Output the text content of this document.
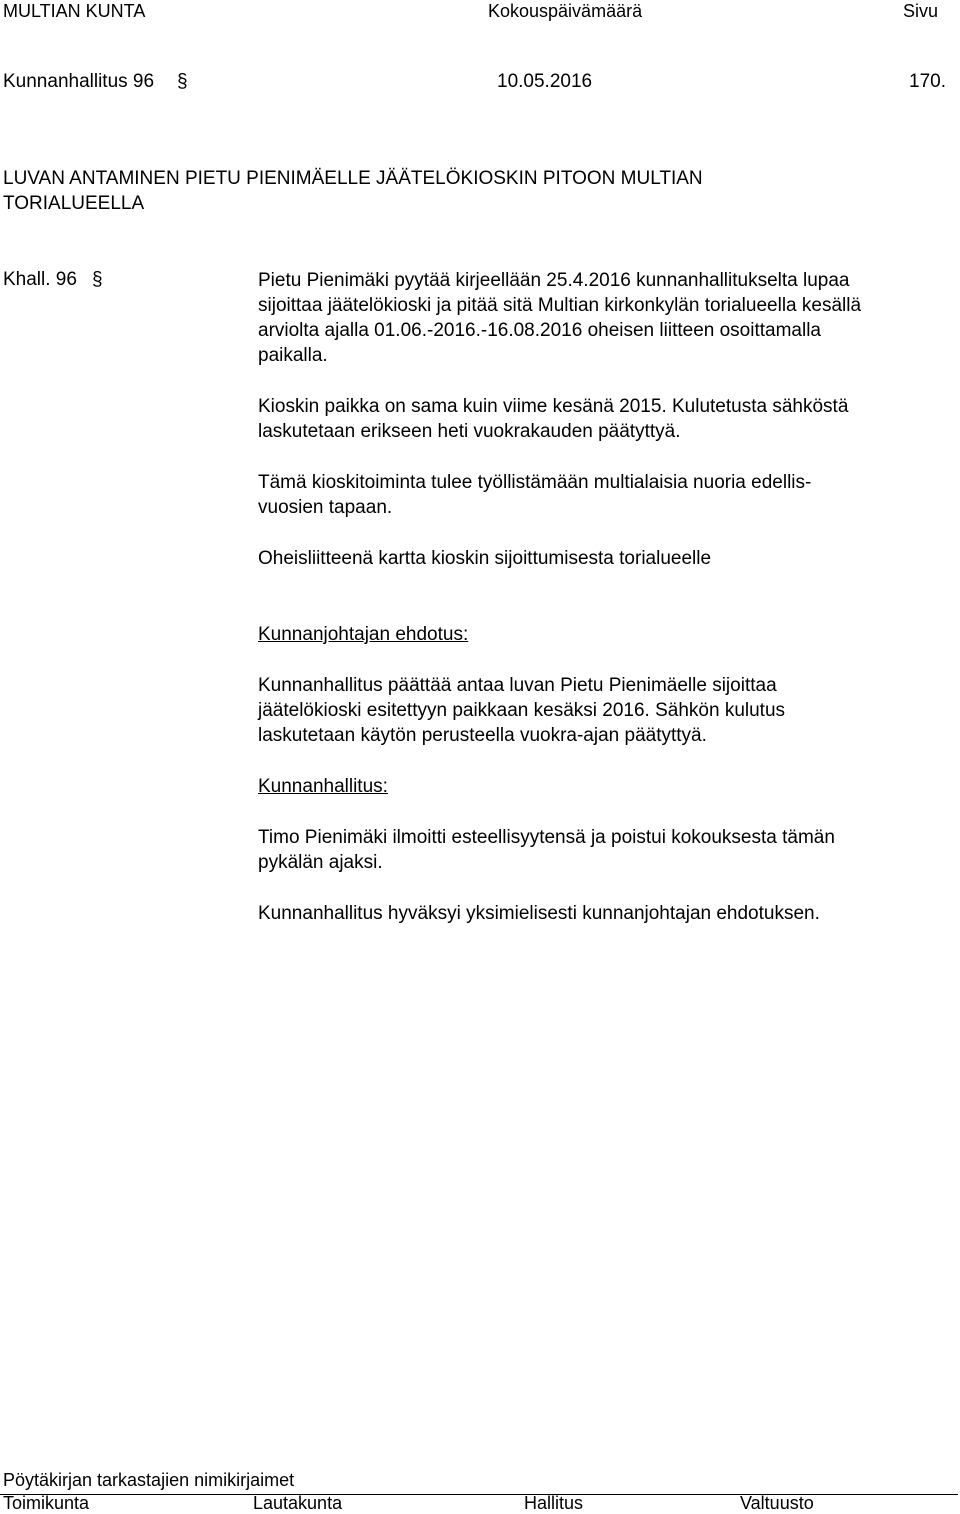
MULTIAN KUNTA	Kokouspäivämäärä	Sivu
Kunnanhallitus 96 §	10.05.2016	170.
LUVAN ANTAMINEN PIETU PIENIMÄELLE JÄÄTELÖKIOSKIN PITOON MULTIAN
TORIALUEELLA
Khall. 96 §	Pietu Pienimäki pyytää kirjeellään 25.4.2016 kunnanhallitukselta lupaa
sijoittaa jäätelökioski ja pitää sitä Multian kirkonkylän torialueella kesällä
arviolta ajalla 01.06.-2016.-16.08.2016 oheisen liitteen osoittamalla
paikalla.
Kioskin paikka on sama kuin viime kesänä 2015. Kulutetusta sähköstä
laskutetaan erikseen heti vuokrakauden päätyttyä.
Tämä kioskitoiminta tulee työllistämään multialaisia nuoria edellis-
vuosien tapaan.
Oheisliitteenä kartta kioskin sijoittumisesta torialueelle
Kunnanjohtajan ehdotus:
Kunnanhallitus päättää antaa luvan Pietu Pienimäelle sijoittaa
jäätelökioski esitettyyn paikkaan kesäksi 2016. Sähkön kulutus
laskutetaan käytön perusteella vuokra-ajan päätyttyä.
Kunnanhallitus:
Timo Pienimäki ilmoitti esteellisyytensä ja poistui kokouksesta tämän
pykälän ajaksi.
Kunnanhallitus hyväksyi yksimielisesti kunnanjohtajan ehdotuksen.
Pöytäkirjan tarkastajien nimikirjaimet
Toimikunta	Lautakunta	Hallitus	Valtuusto
